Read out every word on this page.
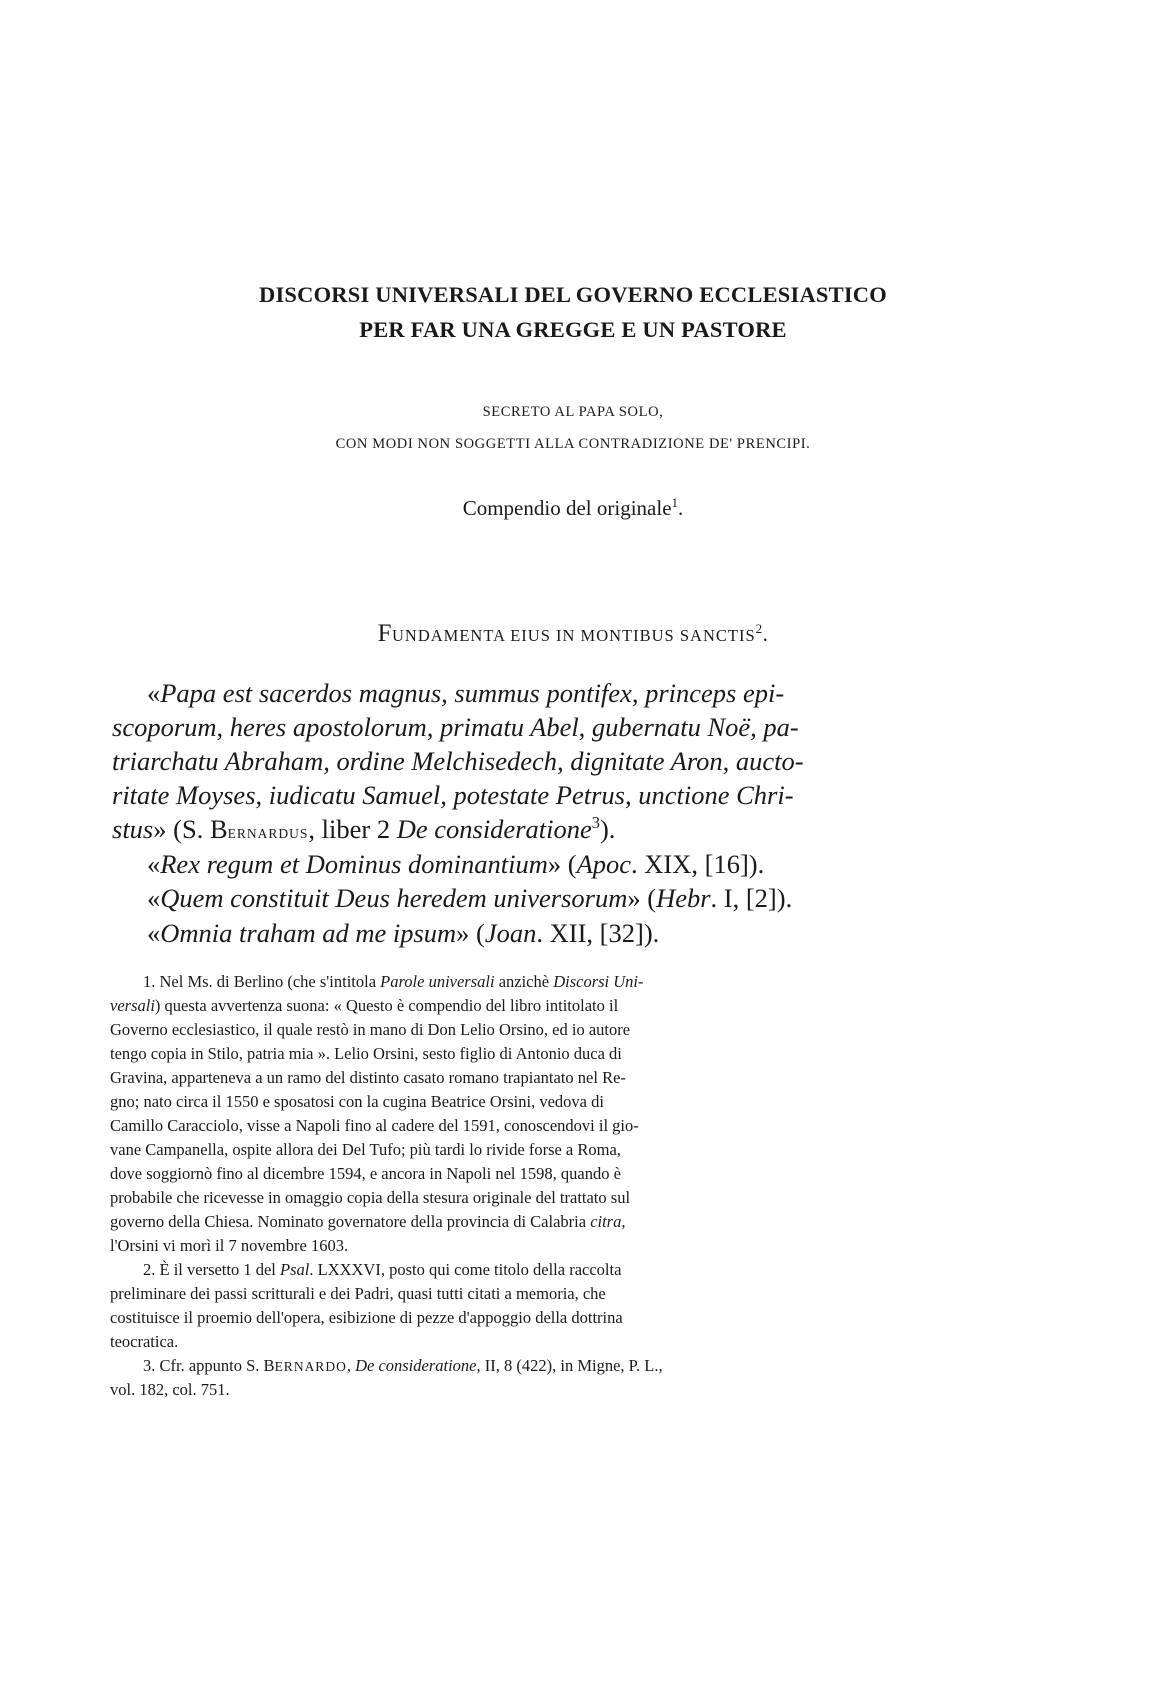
DISCORSI UNIVERSALI DEL GOVERNO ECCLESIASTICO
PER FAR UNA GREGGE E UN PASTORE
SECRETO AL PAPA SOLO,
CON MODI NON SOGGETTI ALLA CONTRADIZIONE DE' PRENCIPI.
Compendio del originale$^1$.
FUNDAMENTA EIUS IN MONTIBUS SANCTIS$^2$.
«Papa est sacerdos magnus, summus pontifex, princeps epi-
scoporum, heres apostolorum, primatu Abel, gubernatu Noë, pa-
triarchatu Abraham, ordine Melchisedech, dignitate Aron, aucto-
ritate Moyses, iudicatu Samuel, potestate Petrus, unctione Chri-
stus» (S. BERNARDUS, liber 2 De consideratione$^3$).
«Rex regum et Dominus dominantium» (Apoc. XIX, [16]).
«Quem constituit Deus heredem universorum» (Hebr. I, [2]).
«Omnia traham ad me ipsum» (Joan. XII, [32]).
1. Nel Ms. di Berlino (che s'intitola Parole universali anzichè Discorsi Uni-
versali) questa avvertenza suona: « Questo è compendio del libro intitolato il
Governo ecclesiastico, il quale restò in mano di Don Lelio Orsino, ed io autore
tengo copia in Stilo, patria mia ». Lelio Orsini, sesto figlio di Antonio duca di
Gravina, apparteneva a un ramo del distinto casato romano trapiantato nel Re-
gno; nato circa il 1550 e sposatosi con la cugina Beatrice Orsini, vedova di
Camillo Caracciolo, visse a Napoli fino al cadere del 1591, conoscendovi il gio-
vane Campanella, ospite allora dei Del Tufo; più tardi lo rivide forse a Roma,
dove soggiornò fino al dicembre 1594, e ancora in Napoli nel 1598, quando è
probabile che ricevesse in omaggio copia della stesura originale del trattato sul
governo della Chiesa. Nominato governatore della provincia di Calabria citra,
l'Orsini vi morì il 7 novembre 1603.
2. È il versetto 1 del Psal. LXXXVI, posto qui come titolo della raccolta
preliminare dei passi scritturali e dei Padri, quasi tutti citati a memoria, che
costituisce il proemio dell'opera, esibizione di pezze d'appoggio della dottrina
teocratica.
3. Cfr. appunto S. BERNARDO, De consideratione, II, 8 (422), in Migne, P. L.,
vol. 182, col. 751.
